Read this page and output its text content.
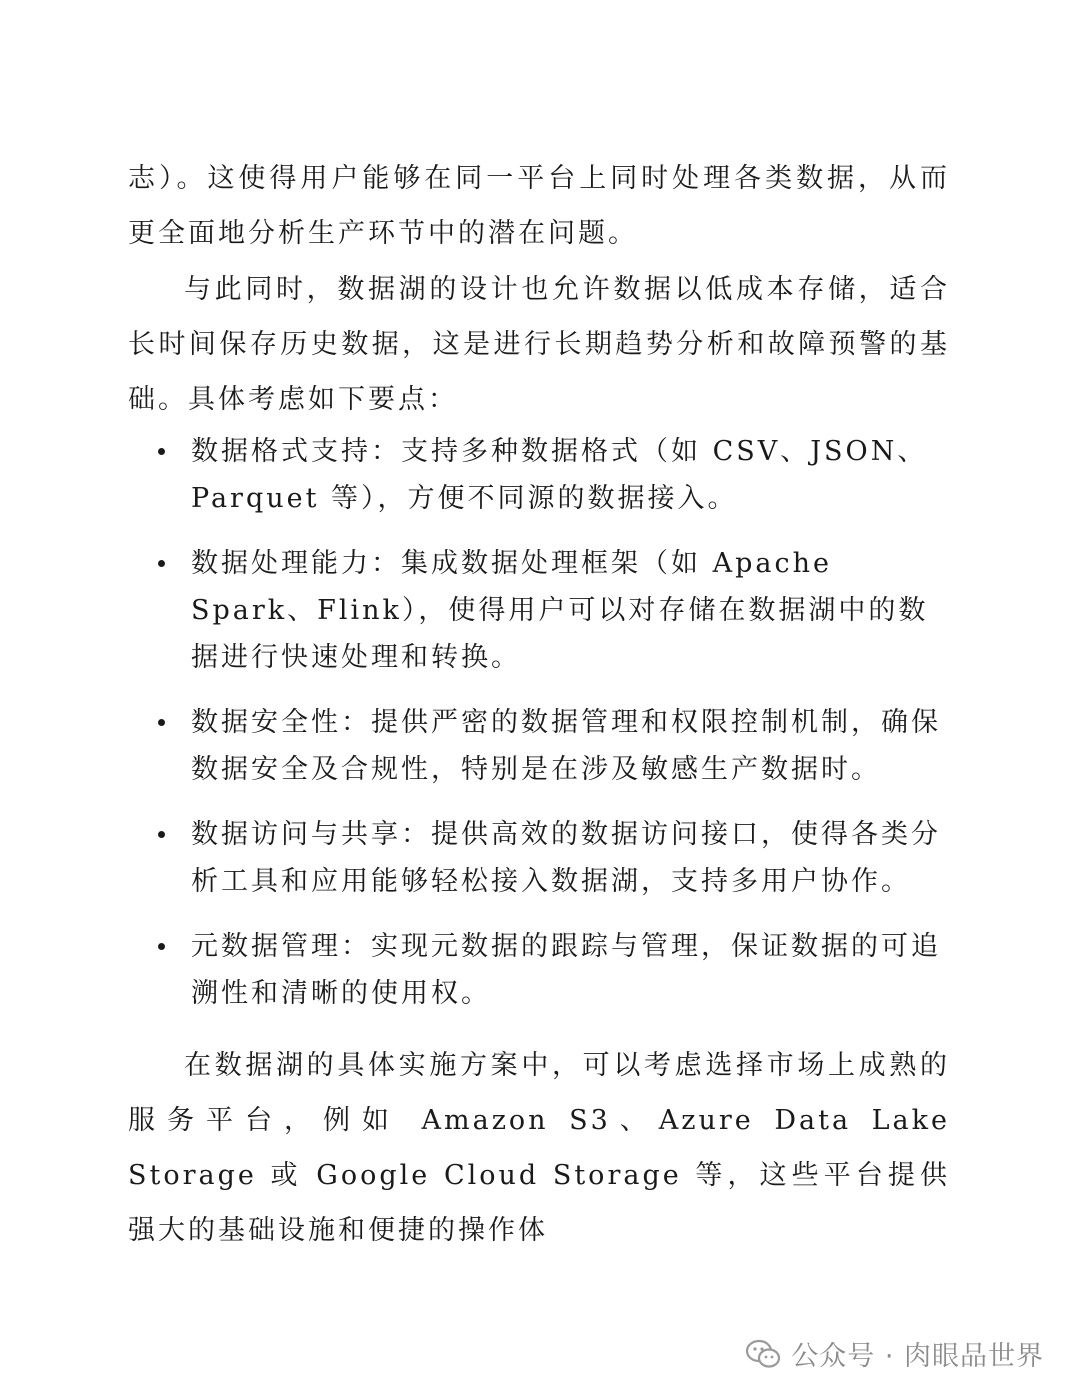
志）。这使得用户能够在同一平台上同时处理各类数据，从而更全面地分析生产环节中的潜在问题。

与此同时，数据湖的设计也允许数据以低成本存储，适合长时间保存历史数据，这是进行长期趋势分析和故障预警的基础。具体考虑如下要点：

数据格式支持：支持多种数据格式（如 CSV、JSON、Parquet 等），方便不同源的数据接入。
数据处理能力：集成数据处理框架（如 Apache Spark、Flink），使得用户可以对存储在数据湖中的数据进行快速处理和转换。
数据安全性：提供严密的数据管理和权限控制机制，确保数据安全及合规性，特别是在涉及敏感生产数据时。
数据访问与共享：提供高效的数据访问接口，使得各类分析工具和应用能够轻松接入数据湖，支持多用户协作。
元数据管理：实现元数据的跟踪与管理，保证数据的可追溯性和清晰的使用权。

在数据湖的具体实施方案中，可以考虑选择市场上成熟的服务平台，例如 Amazon S3、Azure Data Lake Storage 或 Google Cloud Storage 等，这些平台提供强大的基础设施和便捷的操作体

公众号 · 肉眼品世界
